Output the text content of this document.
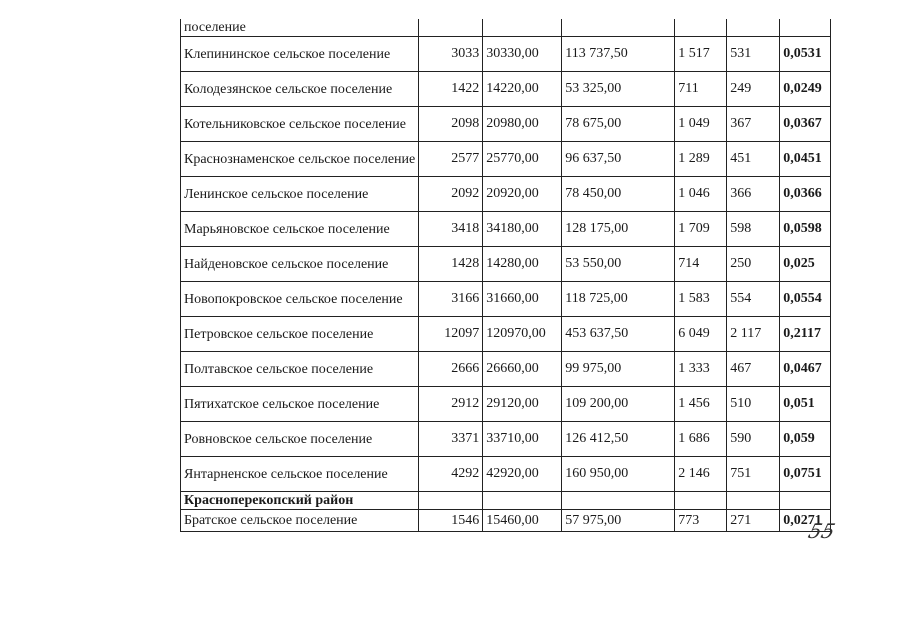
поселение						
Клепининское сельское поселение	3033	30330,00	113 737,50	1 517	531	0,0531
Колодезянское сельское поселение	1422	14220,00	53 325,00	711	249	0,0249
Котельниковское сельское поселение	2098	20980,00	78 675,00	1 049	367	0,0367
Краснознаменское сельское поселение	2577	25770,00	96 637,50	1 289	451	0,0451
Ленинское сельское поселение	2092	20920,00	78 450,00	1 046	366	0,0366
Марьяновское сельское поселение	3418	34180,00	128 175,00	1 709	598	0,0598
Найденовское сельское поселение	1428	14280,00	53 550,00	714	250	0,025
Новопокровское сельское поселение	3166	31660,00	118 725,00	1 583	554	0,0554
Петровское сельское поселение	12097	120970,00	453 637,50	6 049	2 117	0,2117
Полтавское сельское поселение	2666	26660,00	99 975,00	1 333	467	0,0467
Пятихатское сельское поселение	2912	29120,00	109 200,00	1 456	510	0,051
Ровновское сельское поселение	3371	33710,00	126 412,50	1 686	590	0,059
Янтарненское сельское поселение	4292	42920,00	160 950,00	2 146	751	0,0751
Красноперекопский район						
Братское сельское поселение	1546	15460,00	57 975,00	773	271	0,0271
55
